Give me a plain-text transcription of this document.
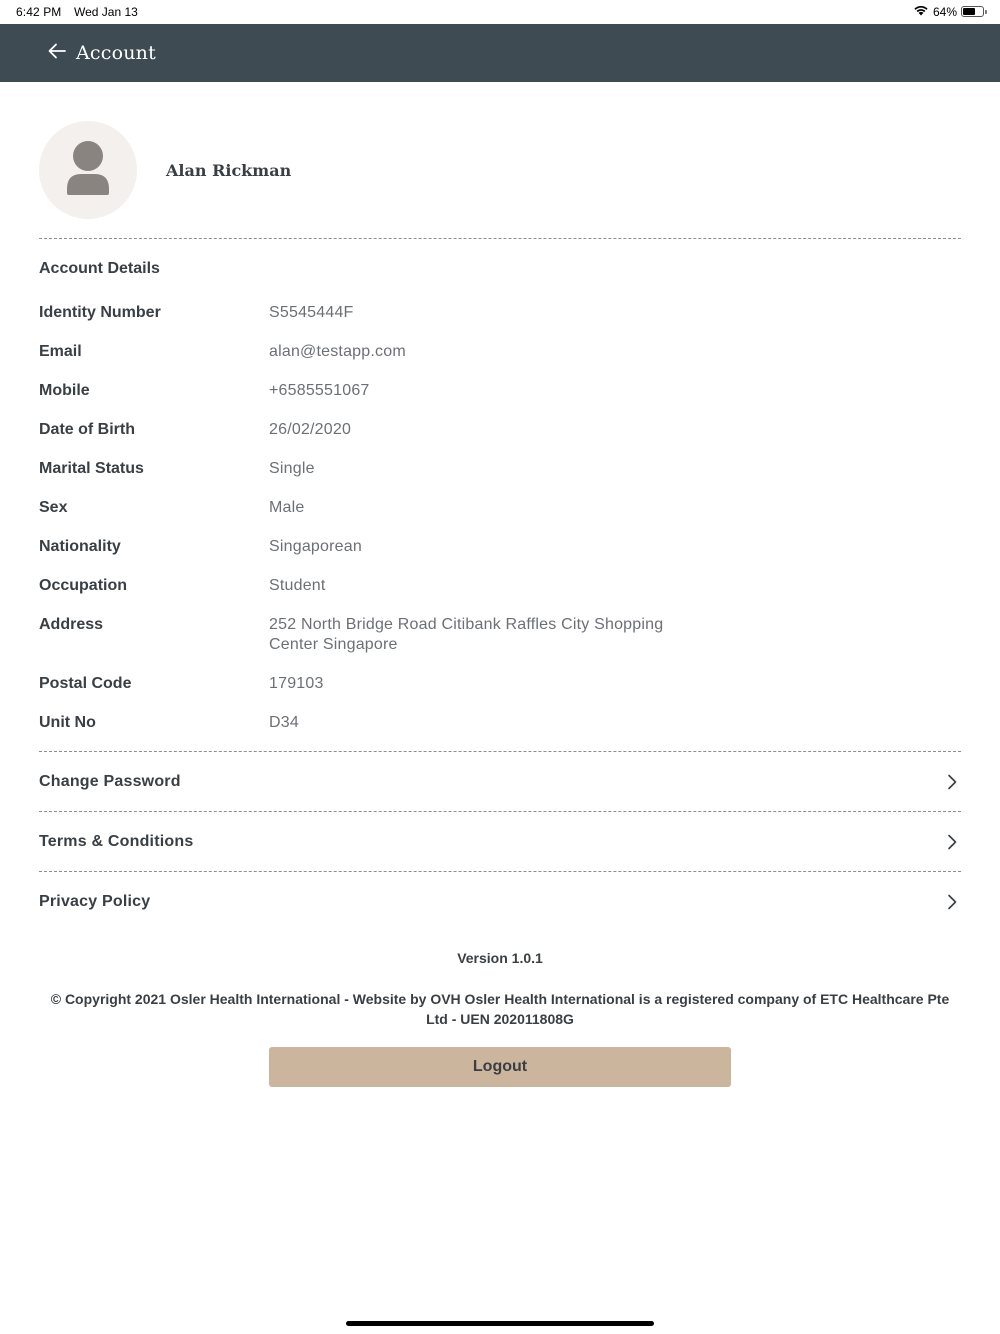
6:42 PM Wed Jan 13	64%
Account
Alan Rickman
Account Details
Identity Number	S5545444F
Email	alan@testapp.com
Mobile	+6585551067
Date of Birth	26/02/2020
Marital Status	Single
Sex	Male
Nationality	Singaporean
Occupation	Student
Address	252 North Bridge Road Citibank Raffles City Shopping Center Singapore
Postal Code	179103
Unit No	D34
Change Password
Terms & Conditions
Privacy Policy
Version 1.0.1
© Copyright 2021 Osler Health International - Website by OVH Osler Health International is a registered company of ETC Healthcare Pte Ltd - UEN 202011808G
Logout
